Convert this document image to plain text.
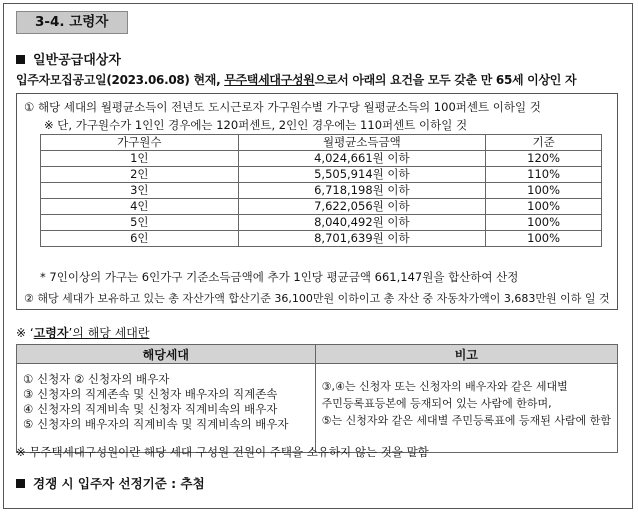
3-4. 고령자
일반공급대상자
입주자모집공고일(2023.06.08) 현재, 무주택세대구성원으로서 아래의 요건을 모두 갖춘 만 65세 이상인 자
① 해당 세대의 월평균소득이 전년도 도시근로자 가구원수별 가구당 월평균소득의 100퍼센트 이하일 것
※ 단, 가구원수가 1인인 경우에는 120퍼센트, 2인인 경우에는 110퍼센트 이하일 것
가구원수	월평균소득금액	기준
1인	4,024,661원 이하	120%
2인	5,505,914원 이하	110%
3인	6,718,198원 이하	100%
4인	7,622,056원 이하	100%
5인	8,040,492원 이하	100%
6인	8,701,639원 이하	100%
* 7인이상의 가구는 6인가구 기준소득금액에 추가 1인당 평균금액 661,147원을 합산하여 산정
② 해당 세대가 보유하고 있는 총 자산가액 합산기준 36,100만원 이하이고 총 자산 중 자동차가액이 3,683만원 이하 일 것
※ ‘고령자’의 해당 세대란
해당세대	비고

① 신청자 ② 신청자의 배우자
③ 신청자의 직계존속 및 신청자 배우자의 직계존속
④ 신청자의 직계비속 및 신청자 직계비속의 배우자
⑤ 신청자의 배우자의 직계비속 및 직계비속의 배우자	③,④는 신청자 또는 신청자의 배우자와 같은 세대별
주민등록표등본에 등재되어 있는 사람에 한하며,
⑤는 신청자와 같은 세대별 주민등록표에 등재된 사람에 한함
※ 무주택세대구성원이란 해당 세대 구성원 전원이 주택을 소유하지 않는 것을 말함
경쟁 시 입주자 선정기준 : 추첨
